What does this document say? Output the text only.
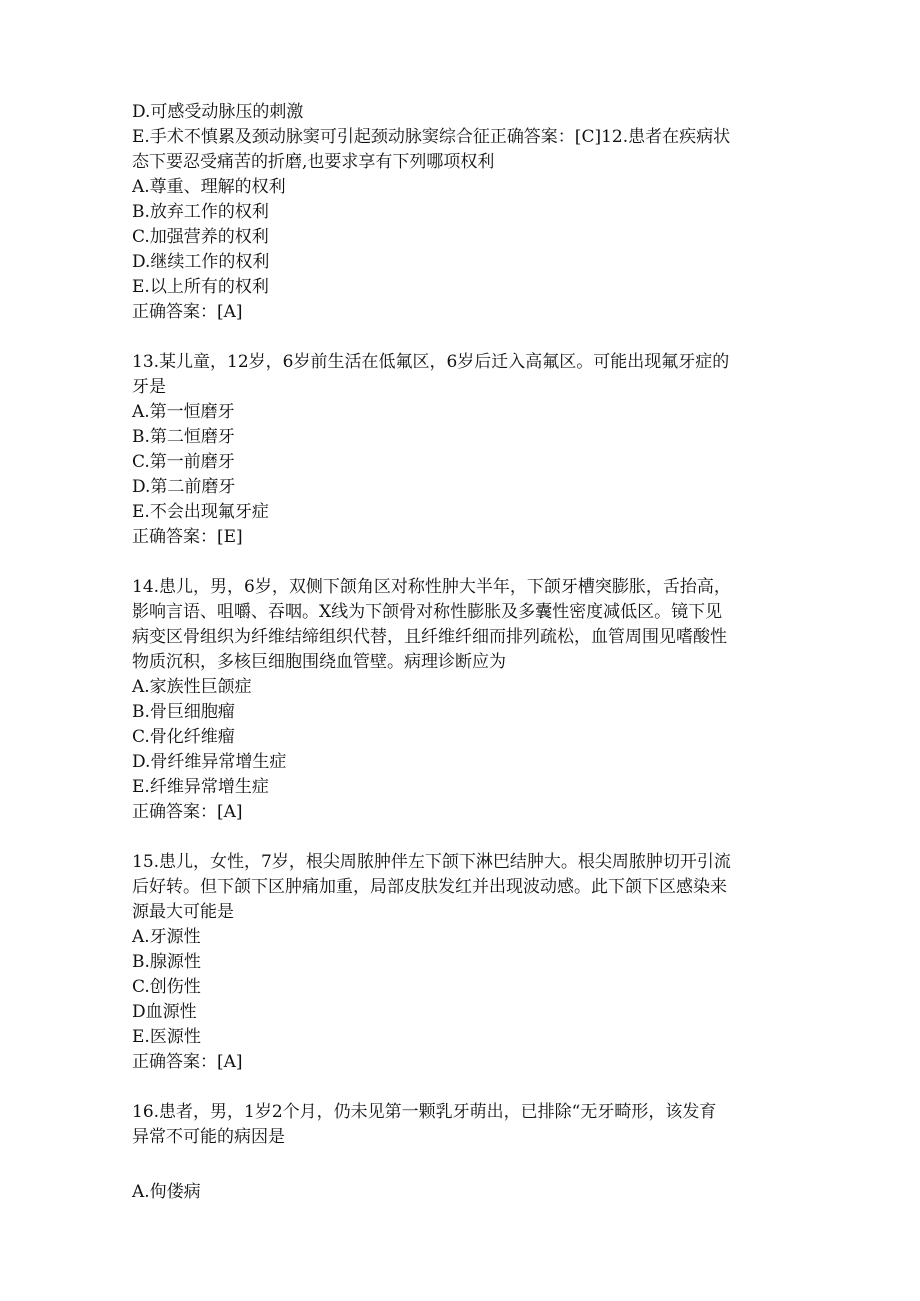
D.可感受动脉压的刺激
E.手术不慎累及颈动脉窦可引起颈动脉窦综合征正确答案：[C]12.患者在疾病状
态下要忍受痛苦的折磨,也要求享有下列哪项权利
A.尊重、理解的权利
B.放弃工作的权利
C.加强营养的权利
D.继续工作的权利
E.以上所有的权利
正确答案：[A]
13.某儿童，12岁，6岁前生活在低氟区，6岁后迁入高氟区。可能出现氟牙症的
牙是
A.第一恒磨牙
B.第二恒磨牙
C.第一前磨牙
D.第二前磨牙
E.不会出现氟牙症
正确答案：[E]
14.患儿，男，6岁，双侧下颌角区对称性肿大半年，下颌牙槽突膨胀，舌抬高，
影响言语、咀嚼、吞咽。X线为下颌骨对称性膨胀及多囊性密度减低区。镜下见
病变区骨组织为纤维结缔组织代替，且纤维纤细而排列疏松，血管周围见嗜酸性
物质沉积，多核巨细胞围绕血管壁。病理诊断应为
A.家族性巨颌症
B.骨巨细胞瘤
C.骨化纤维瘤
D.骨纤维异常增生症
E.纤维异常增生症
正确答案：[A]
15.患儿，女性，7岁，根尖周脓肿伴左下颌下淋巴结肿大。根尖周脓肿切开引流
后好转。但下颌下区肿痛加重，局部皮肤发红并出现波动感。此下颌下区感染来
源最大可能是
A.牙源性
B.腺源性
C.创伤性
D血源性
E.医源性
正确答案：[A]
16.患者，男，1岁2个月，仍未见第一颗乳牙萌出，已排除“无牙畸形，该发育
异常不可能的病因是
A.佝偻病
